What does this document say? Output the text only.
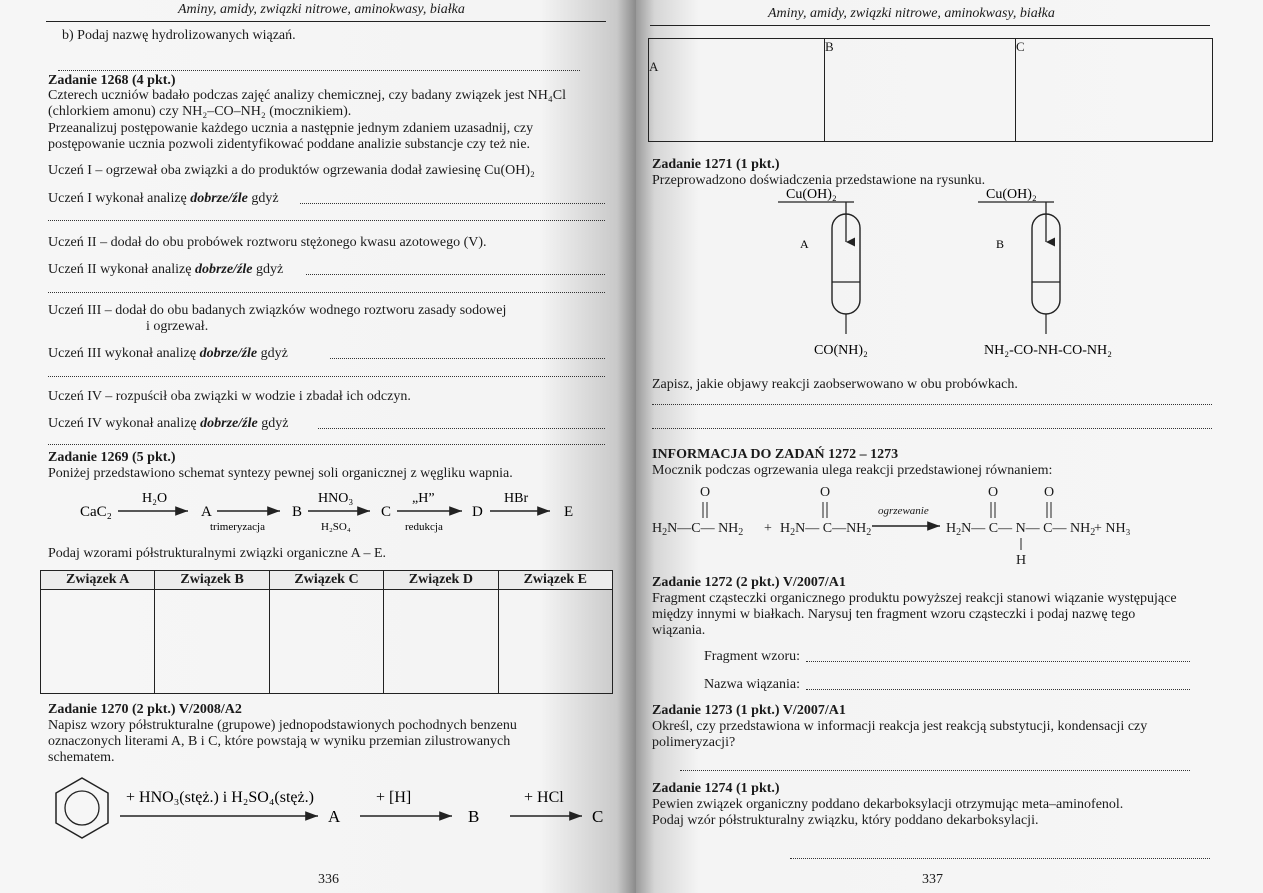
Aminy, amidy, związki nitrowe, aminokwasy, białka
b) Podaj nazwę hydrolizowanych wiązań.
Zadanie 1268 (4 pkt.)
Czterech uczniów badało podczas zajęć analizy chemicznej, czy badany związek jest NH₄Cl
(chlorkiem amonu) czy NH₂–CO–NH₂ (mocznikiem).
Przeanalizuj postępowanie każdego ucznia a następnie jednym zdaniem uzasadnij, czy
postępowanie ucznia pozwoli zidentyfikować poddane analizie substancje czy też nie.
Uczeń I – ogrzewał oba związki a do produktów ogrzewania dodał zawiesinę Cu(OH)₂
Uczeń I wykonał analizę dobrze/źle gdyż
Uczeń II – dodał do obu probówek roztworu stężonego kwasu azotowego (V).
Uczeń II wykonał analizę dobrze/źle gdyż
Uczeń III – dodał do obu badanych związków wodnego roztworu zasady sodowej
i ogrzewał.
Uczeń III wykonał analizę dobrze/źle gdyż
Uczeń IV – rozpuścił oba związki w wodzie i zbadał ich odczyn.
Uczeń IV wykonał analizę dobrze/źle gdyż
Zadanie 1269 (5 pkt.)
Poniżej przedstawiono schemat syntezy pewnej soli organicznej z węgliku wapnia.
CaC₂
H₂O
A
trimeryzacja
B
HNO₃
H₂SO₄
C
„H”
redukcja
D
HBr
E
Podaj wzorami półstrukturalnymi związki organiczne A – E.
Związek A	Związek B	Związek C	Związek D	Związek E

Zadanie 1270 (2 pkt.) V/2008/A2
Napisz wzory półstrukturalne (grupowe) jednopodstawionych pochodnych benzenu
oznaczonych literami A, B i C, które powstają w wyniku przemian zilustrowanych
schematem.
+ HNO₃(stęż.) i H₂SO₄(stęż.)
A
+ [H]
B
+ HCl
C
336
Aminy, amidy, związki nitrowe, aminokwasy, białka
A	B	C
Zadanie 1271 (1 pkt.)
Przeprowadzono doświadczenia przedstawione na rysunku.
Cu(OH)₂
A
CO(NH)₂
Cu(OH)₂
B
NH₂-CO-NH-CO-NH₂
Zapisz, jakie objawy reakcji zaobserwowano w obu probówkach.
INFORMACJA DO ZADAŃ 1272 – 1273
Mocznik podczas ogrzewania ulega reakcji przedstawionej równaniem:
O
$H_2N—C—$ $NH_2$ +
O
$H_2N—$ $C—NH_2$
ogrzewanie
O	O
$H_2N—$ C— N— C— $NH_2$
H
+ NH₃
Zadanie 1272 (2 pkt.) V/2007/A1
Fragment cząsteczki organicznego produktu powyższej reakcji stanowi wiązanie występujące
między innymi w białkach. Narysuj ten fragment wzoru cząsteczki i podaj nazwę tego
wiązania.
Fragment wzoru:
Nazwa wiązania:
Zadanie 1273 (1 pkt.) V/2007/A1
Określ, czy przedstawiona w informacji reakcja jest reakcją substytucji, kondensacji czy
polimeryzacji?
Zadanie 1274 (1 pkt.)
Pewien związek organiczny poddano dekarboksylacji otrzymując meta–aminofenol.
Podaj wzór półstrukturalny związku, który poddano dekarboksylacji.
337
